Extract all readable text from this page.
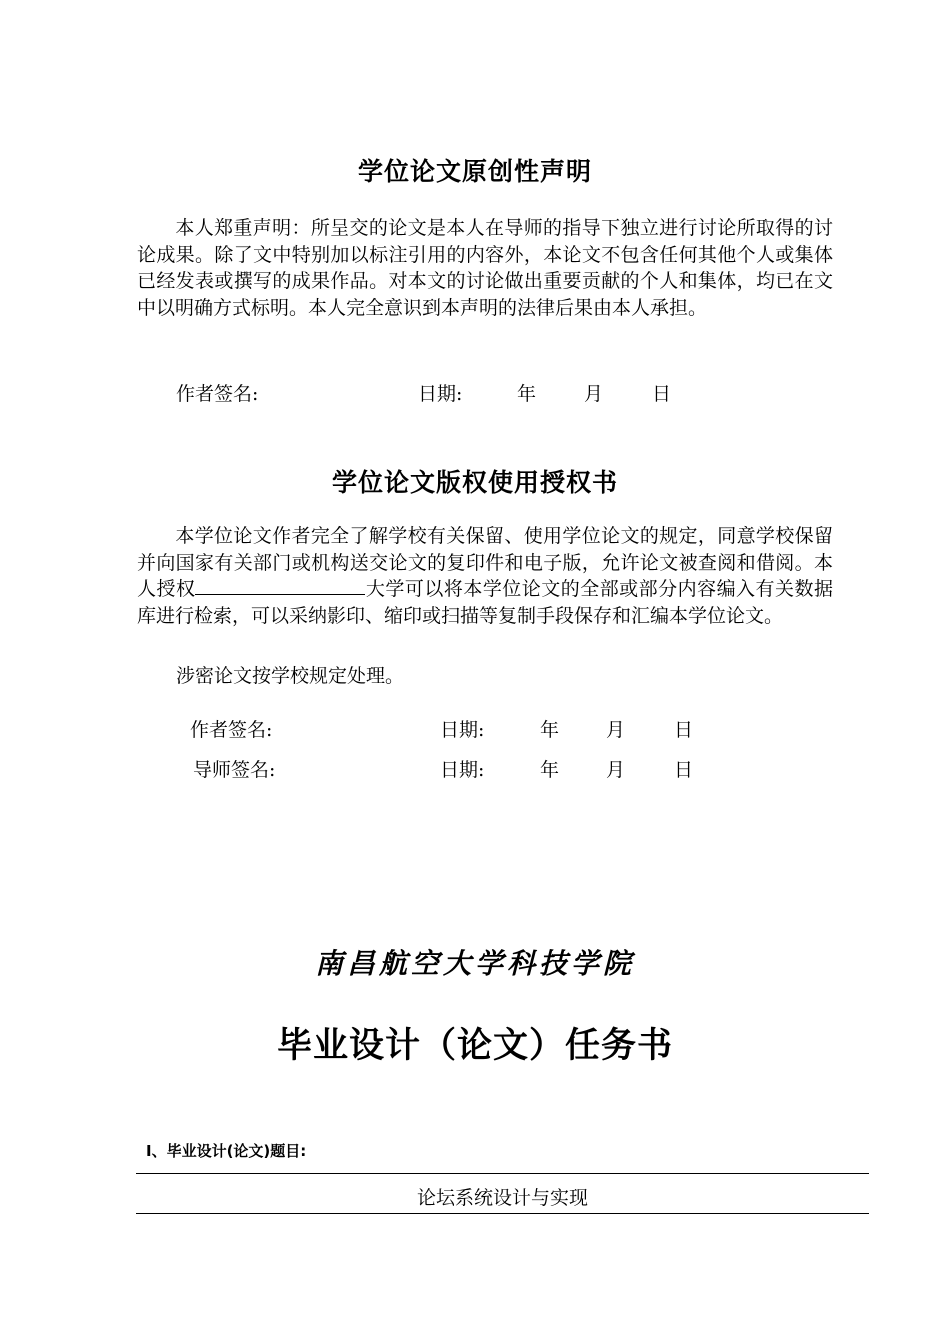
学位论文原创性声明
本人郑重声明：所呈交的论文是本人在导师的指导下独立进行讨论所取得的讨论成果。除了文中特别加以标注引用的内容外，本论文不包含任何其他个人或集体已经发表或撰写的成果作品。对本文的讨论做出重要贡献的个人和集体，均已在文中以明确方式标明。本人完全意识到本声明的法律后果由本人承担。
作者签名:	日期:	年	月	日
学位论文版权使用授权书
本学位论文作者完全了解学校有关保留、使用学位论文的规定，同意学校保留并向国家有关部门或机构送交论文的复印件和电子版，允许论文被查阅和借阅。本人授权	大学可以将本学位论文的全部或部分内容编入有关数据库进行检索，可以采纳影印、缩印或扫描等复制手段保存和汇编本学位论文。
涉密论文按学校规定处理。
作者签名:	日期:	年 月	日
导师签名:	日期:	年 月	日
南昌航空大学科技学院
毕业设计（论文）任务书
I、毕业设计(论文)题目:
论坛系统设计与实现
